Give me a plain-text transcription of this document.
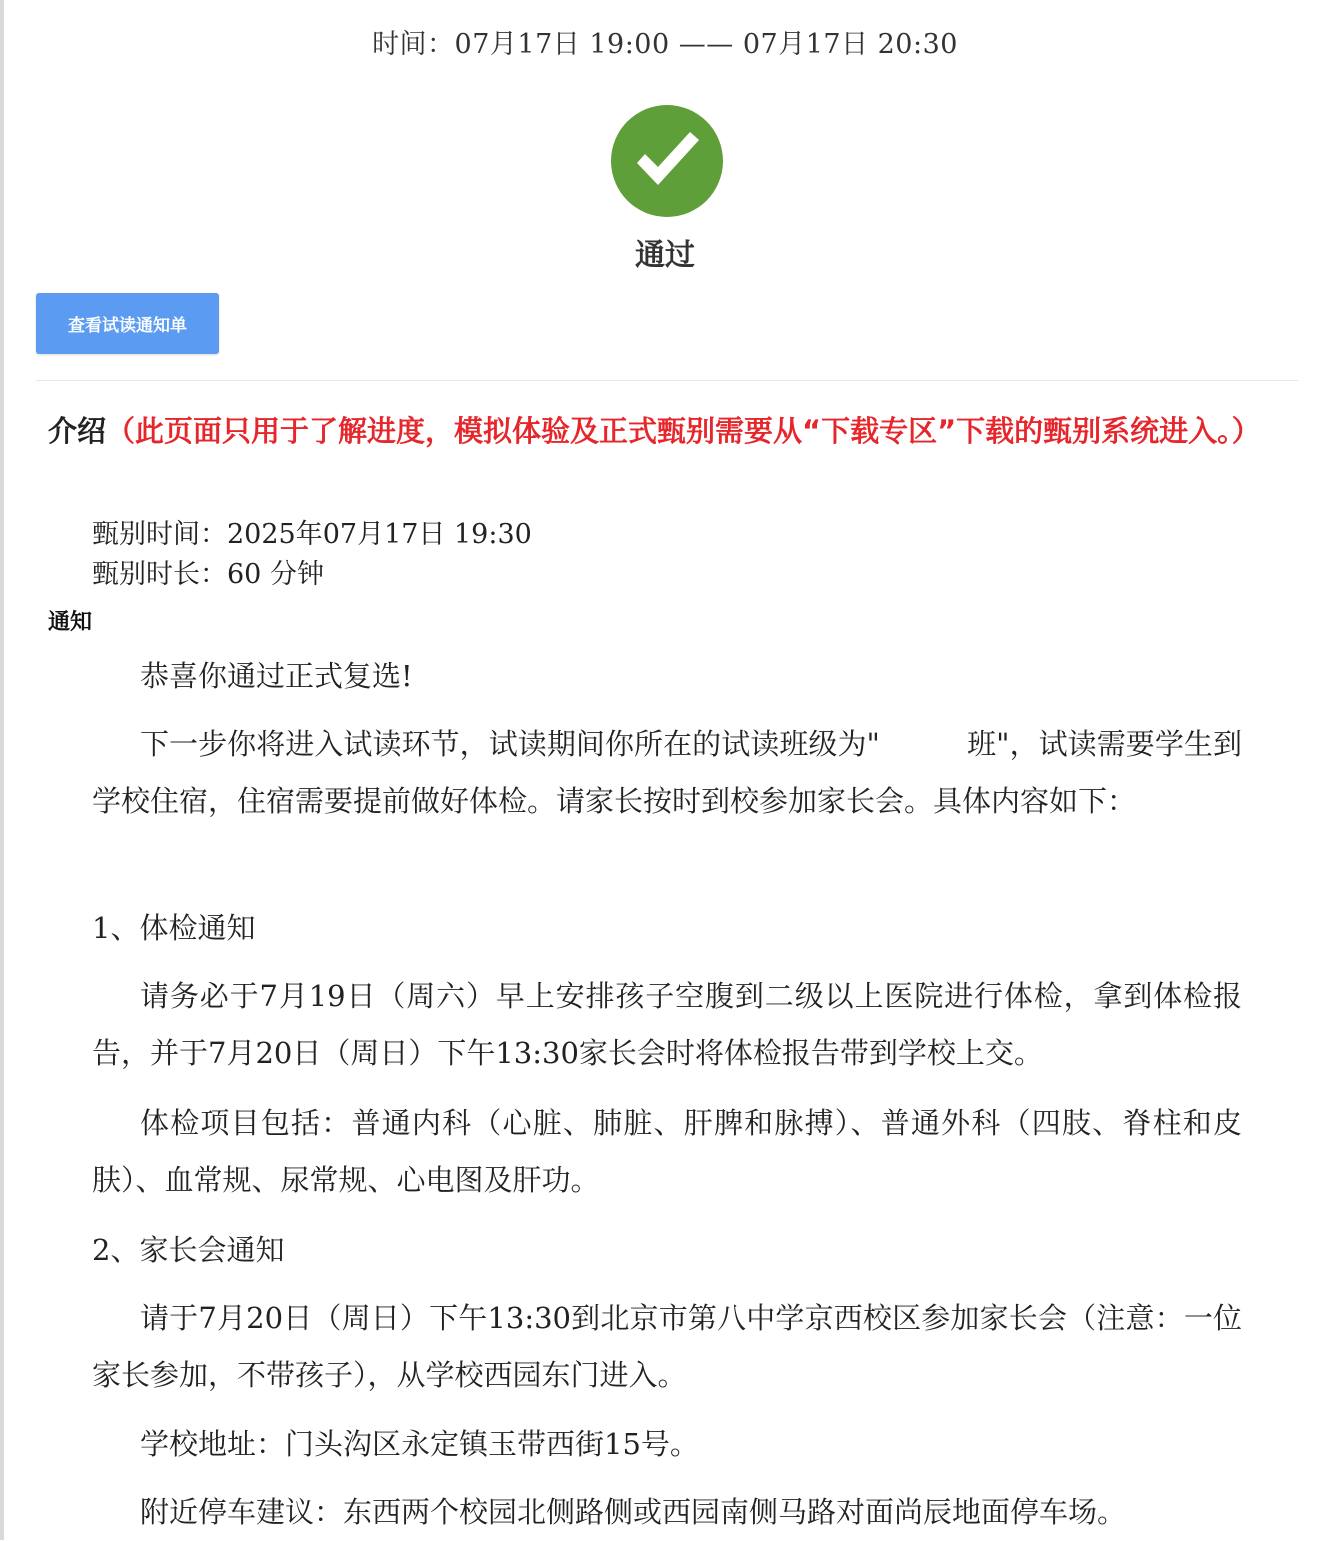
时间：07月17日 19:00 —— 07月17日 20:30
通过
查看试读通知单
介绍（此页面只用于了解进度，模拟体验及正式甄别需要从“下载专区”下载的甄别系统进入。）
甄别时间：2025年07月17日 19:30
甄别时长：60 分钟
通知
恭喜你通过正式复选!
下一步你将进入试读环节，试读期间你所在的试读班级为"　　　班"，试读需要学生到学校住宿，住宿需要提前做好体检。请家长按时到校参加家长会。具体内容如下：
1、体检通知
请务必于7月19日（周六）早上安排孩子空腹到二级以上医院进行体检，拿到体检报告，并于7月20日（周日）下午13:30家长会时将体检报告带到学校上交。
体检项目包括：普通内科（心脏、肺脏、肝脾和脉搏）、普通外科（四肢、脊柱和皮肤）、血常规、尿常规、心电图及肝功。
2、家长会通知
请于7月20日（周日）下午13:30到北京市第八中学京西校区参加家长会（注意：一位家长参加，不带孩子），从学校西园东门进入。
学校地址：门头沟区永定镇玉带西街15号。
附近停车建议：东西两个校园北侧路侧或西园南侧马路对面尚辰地面停车场。
